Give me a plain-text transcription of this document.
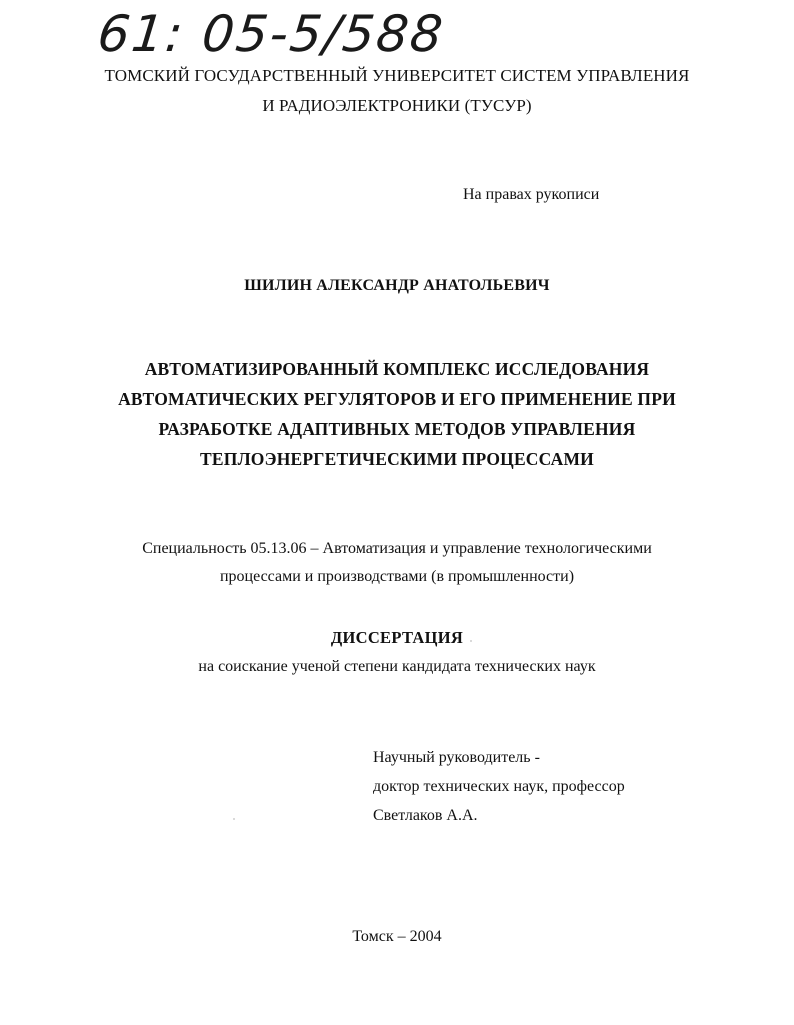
61: 05-5/588
ТОМСКИЙ ГОСУДАРСТВЕННЫЙ УНИВЕРСИТЕТ СИСТЕМ УПРАВЛЕНИЯ
И РАДИОЭЛЕКТРОНИКИ (ТУСУР)
На правах рукописи
ШИЛИН АЛЕКСАНДР АНАТОЛЬЕВИЧ
АВТОМАТИЗИРОВАННЫЙ КОМПЛЕКС ИССЛЕДОВАНИЯ
АВТОМАТИЧЕСКИХ РЕГУЛЯТОРОВ И ЕГО ПРИМЕНЕНИЕ ПРИ
РАЗРАБОТКЕ АДАПТИВНЫХ МЕТОДОВ УПРАВЛЕНИЯ
ТЕПЛОЭНЕРГЕТИЧЕСКИМИ ПРОЦЕССАМИ
Специальность 05.13.06 – Автоматизация и управление технологическими
процессами и производствами (в промышленности)
ДИССЕРТАЦИЯ
на соискание ученой степени кандидата технических наук
Научный руководитель -
доктор технических наук, профессор
Светлаков А.А.
Томск – 2004
